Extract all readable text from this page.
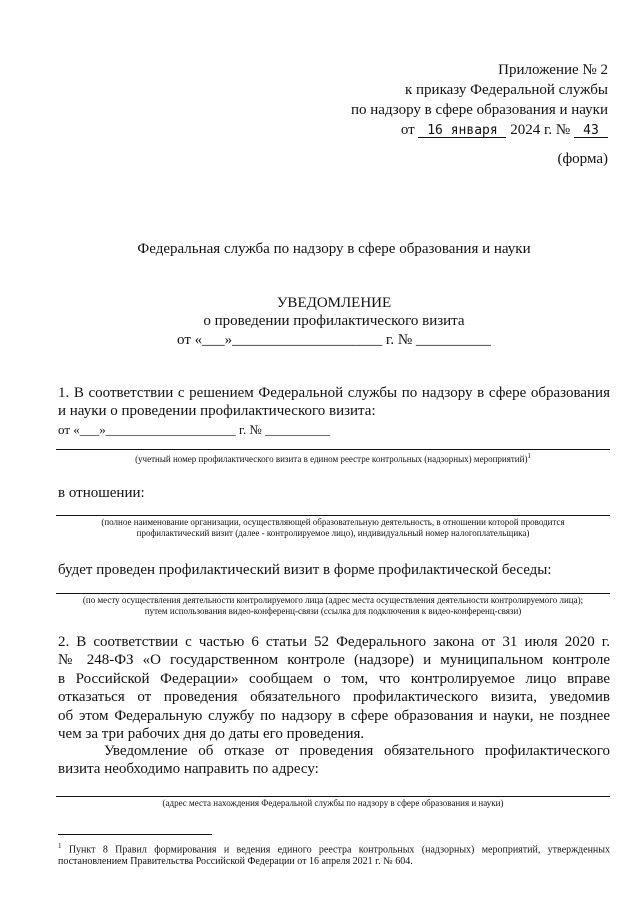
Приложение № 2
к приказу Федеральной службы
по надзору в сфере образования и науки
от 16 января 2024 г. № 43
(форма)
Федеральная служба по надзору в сфере образования и науки
УВЕДОМЛЕНИЕ
о проведении профилактического визита
от «___»____________________ г. № __________
1. В соответствии с решением Федеральной службы по надзору в сфере образования
и науки о проведении профилактического визита:
от «___»____________________ г. № __________
(учетный номер профилактического визита в едином реестре контрольных (надзорных) мероприятий)$^1$
в отношении:
(полное наименование организации, осуществляющей образовательную деятельность, в отношении которой проводится
профилактический визит (далее - контролируемое лицо), индивидуальный номер налогоплательщика)
будет проведен профилактический визит в форме профилактической беседы:
(по месту осуществления деятельности контролируемого лица (адрес места осуществления деятельности контролируемого лица);
путем использования видео-конференц-связи (ссылка для подключения к видео-конференц-связи)
2. В соответствии с частью 6 статьи 52 Федерального закона от 31 июля 2020 г.
№ 248-ФЗ «О государственном контроле (надзоре) и муниципальном контроле
в Российской Федерации» сообщаем о том, что контролируемое лицо вправе
отказаться от проведения обязательного профилактического визита, уведомив
об этом Федеральную службу по надзору в сфере образования и науки, не позднее
чем за три рабочих дня до даты его проведения.
Уведомление об отказе от проведения обязательного профилактического
визита необходимо направить по адресу:
(адрес места нахождения Федеральной службы по надзору в сфере образования и науки)
$^1$ Пункт 8 Правил формирования и ведения единого реестра контрольных (надзорных) мероприятий, утвержденных
постановлением Правительства Российской Федерации от 16 апреля 2021 г. № 604.
